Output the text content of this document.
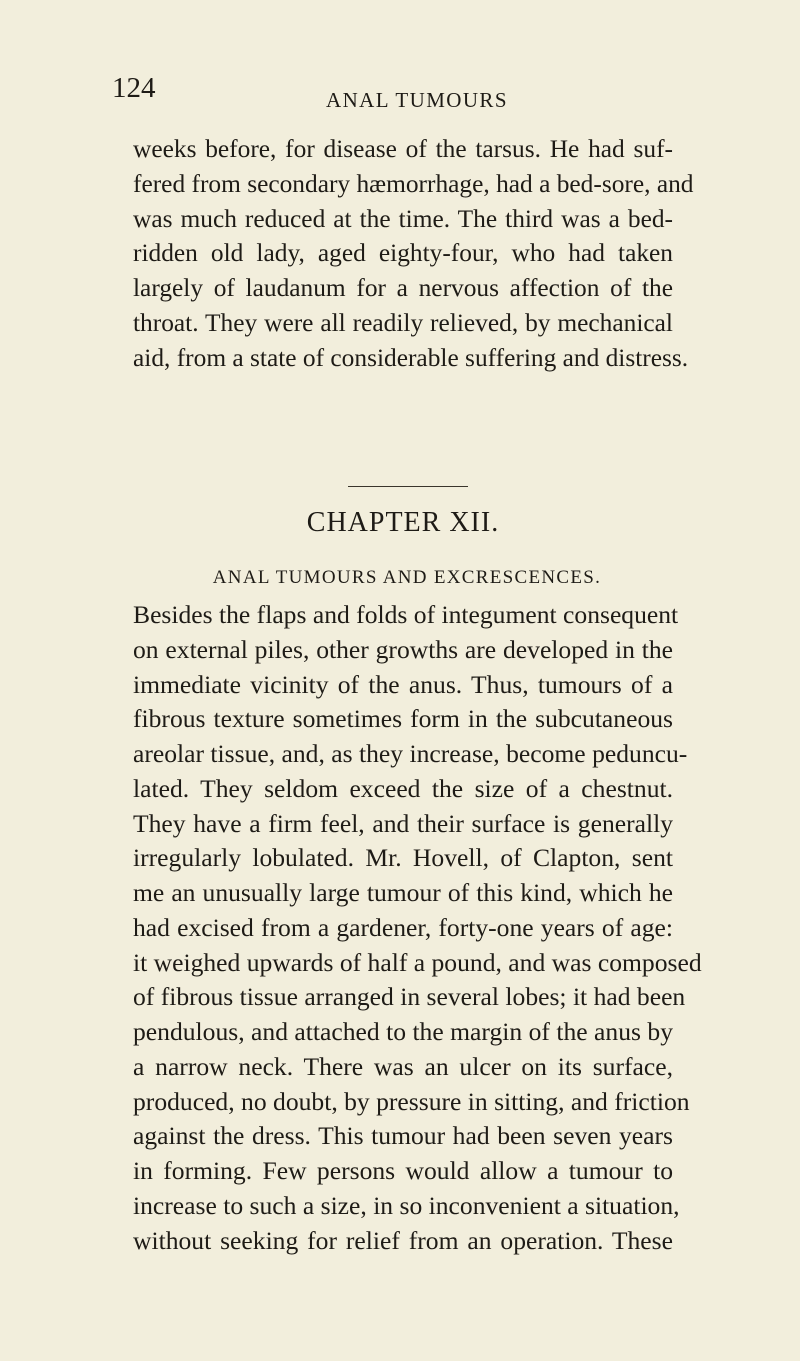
124	ANAL TUMOURS
weeks before, for disease of the tarsus. He had suf-
fered from secondary hæmorrhage, had a bed-sore, and
was much reduced at the time. The third was a bed-
ridden old lady, aged eighty-four, who had taken
largely of laudanum for a nervous affection of the
throat. They were all readily relieved, by mechanical
aid, from a state of considerable suffering and distress.
CHAPTER XII.
ANAL TUMOURS AND EXCRESCENCES.
Besides the flaps and folds of integument consequent
on external piles, other growths are developed in the
immediate vicinity of the anus. Thus, tumours of a
fibrous texture sometimes form in the subcutaneous
areolar tissue, and, as they increase, become peduncu-
lated. They seldom exceed the size of a chestnut.
They have a firm feel, and their surface is generally
irregularly lobulated. Mr. Hovell, of Clapton, sent
me an unusually large tumour of this kind, which he
had excised from a gardener, forty-one years of age:
it weighed upwards of half a pound, and was composed
of fibrous tissue arranged in several lobes; it had been
pendulous, and attached to the margin of the anus by
a narrow neck. There was an ulcer on its surface,
produced, no doubt, by pressure in sitting, and friction
against the dress. This tumour had been seven years
in forming. Few persons would allow a tumour to
increase to such a size, in so inconvenient a situation,
without seeking for relief from an operation. These
